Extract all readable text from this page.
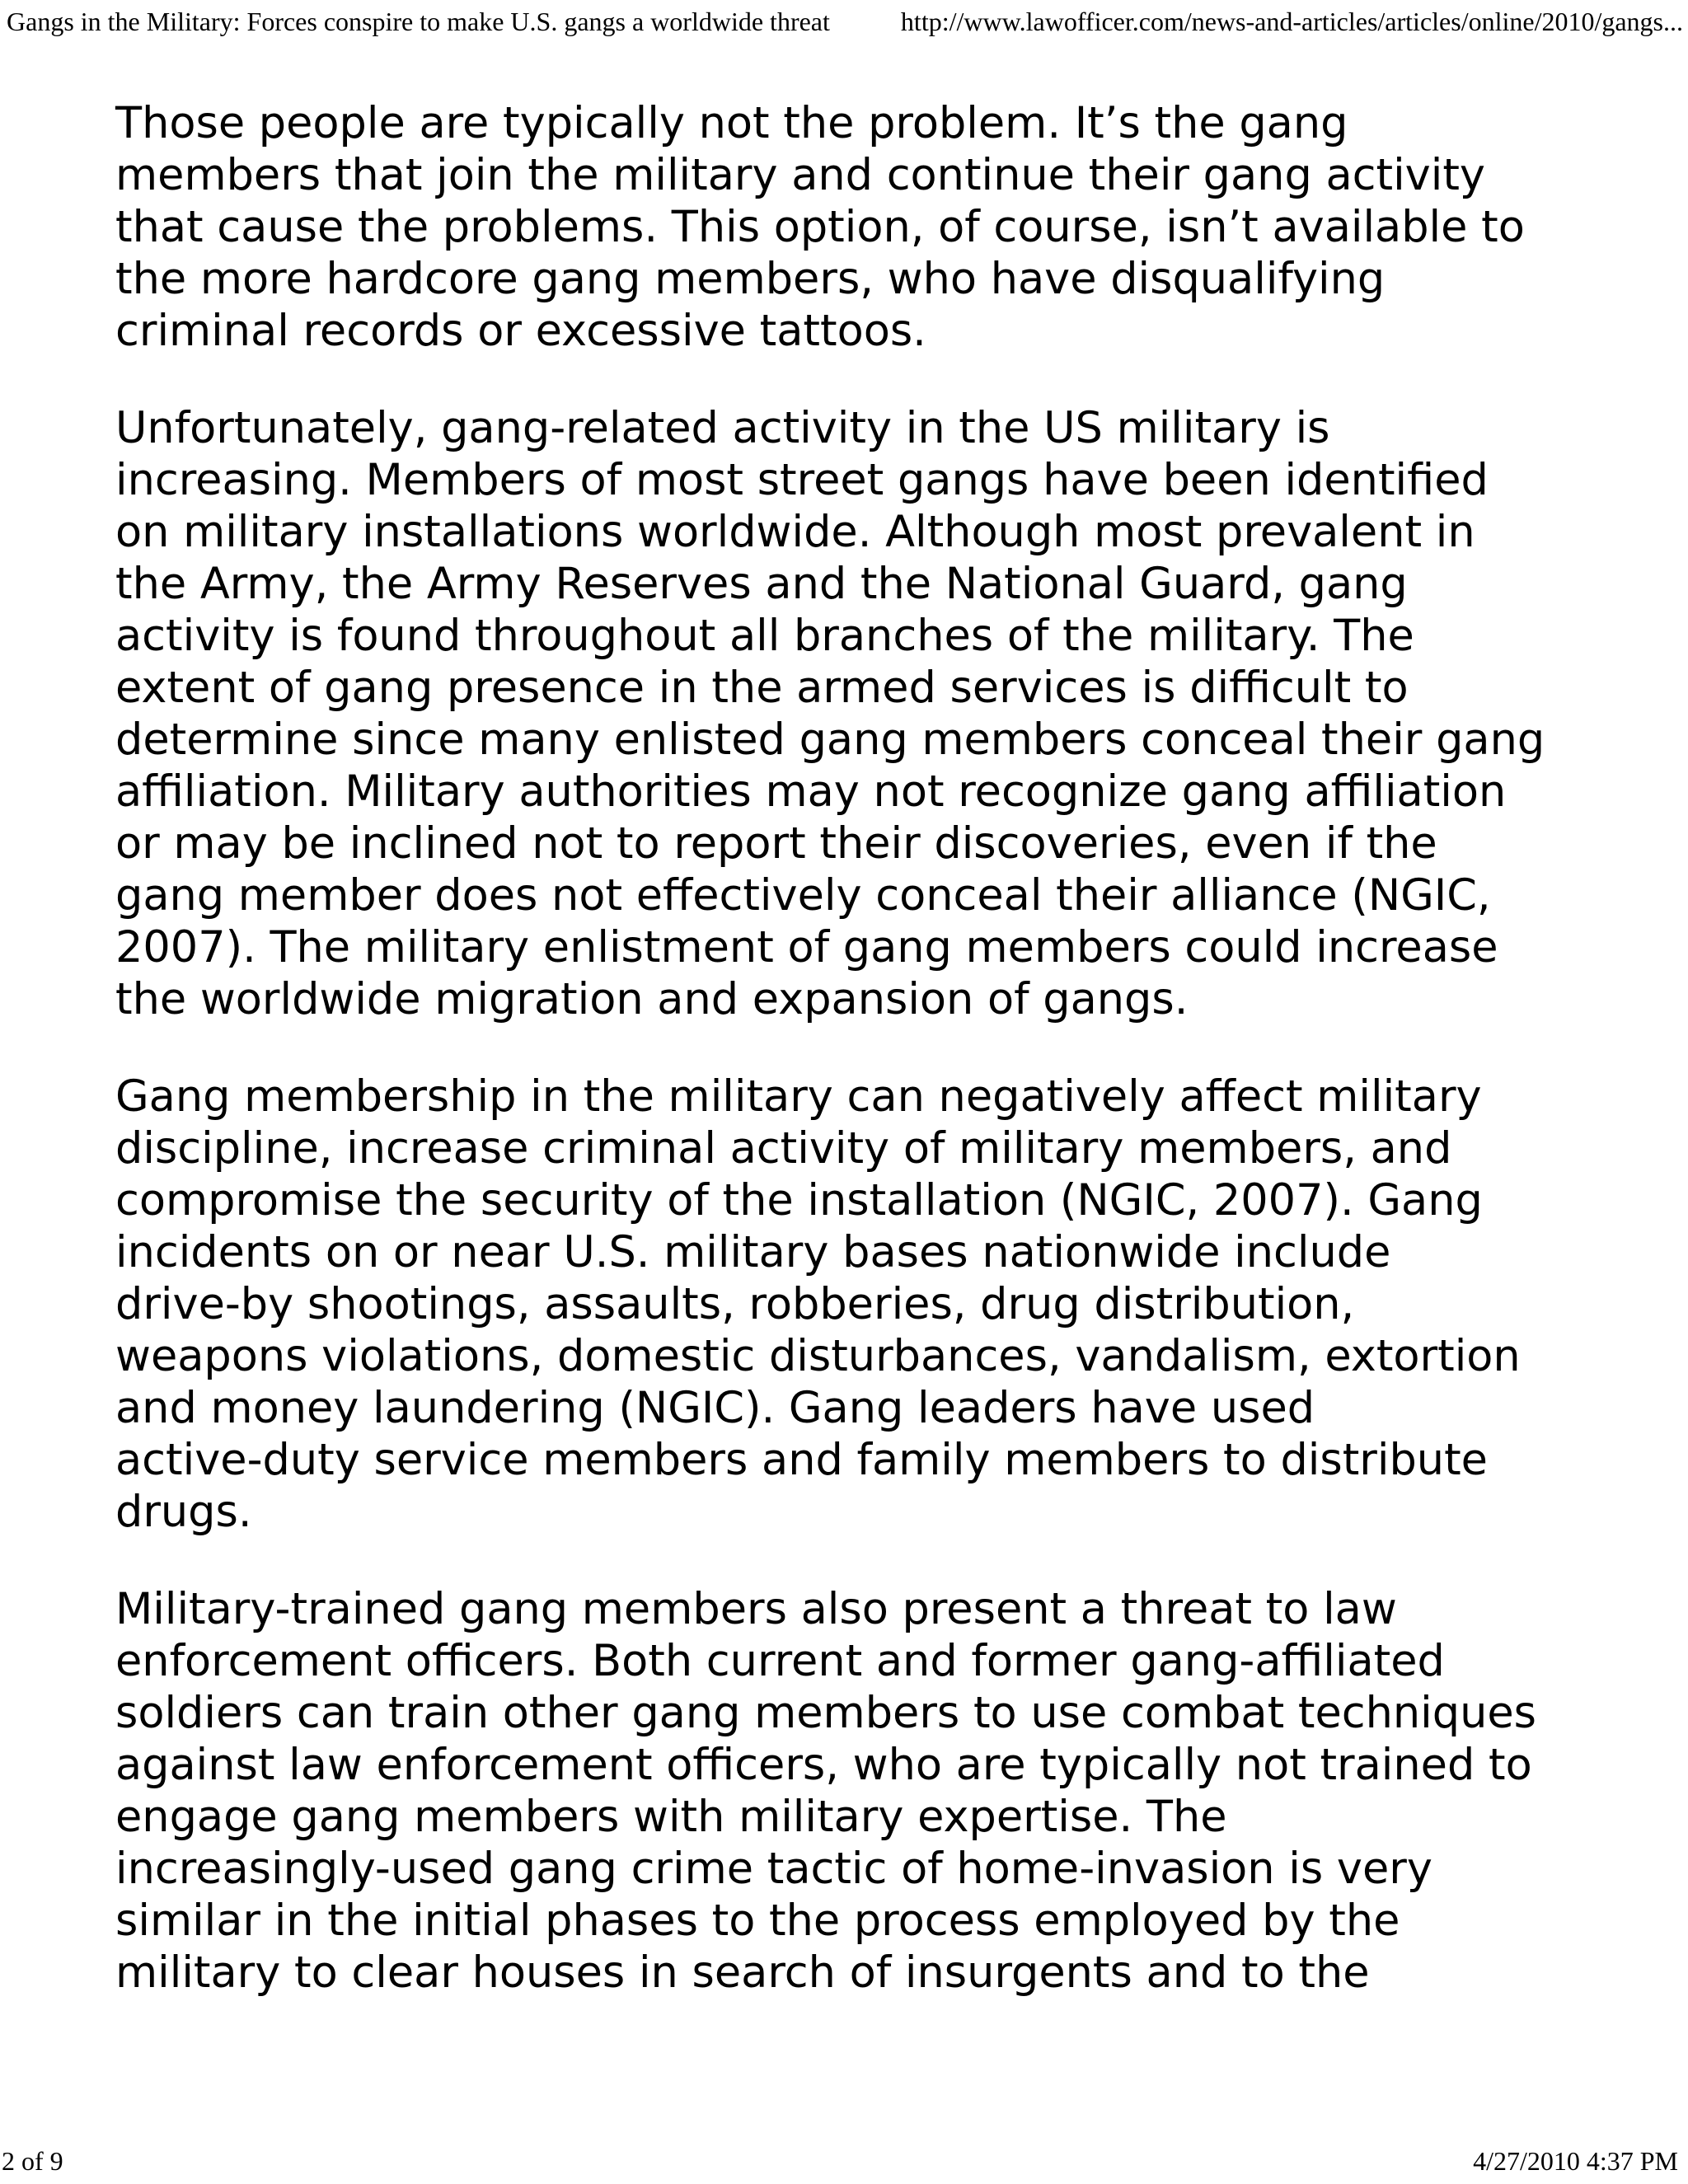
Gangs in the Military: Forces conspire to make U.S. gangs a worldwide threat	http://www.lawofficer.com/news-and-articles/articles/online/2010/gangs...

Those people are typically not the problem. It’s the gang
members that join the military and continue their gang activity
that cause the problems. This option, of course, isn’t available to
the more hardcore gang members, who have disqualifying
criminal records or excessive tattoos.

Unfortunately, gang-related activity in the US military is
increasing. Members of most street gangs have been identified
on military installations worldwide. Although most prevalent in
the Army, the Army Reserves and the National Guard, gang
activity is found throughout all branches of the military. The
extent of gang presence in the armed services is difficult to
determine since many enlisted gang members conceal their gang
affiliation. Military authorities may not recognize gang affiliation
or may be inclined not to report their discoveries, even if the
gang member does not effectively conceal their alliance (NGIC,
2007). The military enlistment of gang members could increase
the worldwide migration and expansion of gangs.

Gang membership in the military can negatively affect military
discipline, increase criminal activity of military members, and
compromise the security of the installation (NGIC, 2007). Gang
incidents on or near U.S. military bases nationwide include
drive-by shootings, assaults, robberies, drug distribution,
weapons violations, domestic disturbances, vandalism, extortion
and money laundering (NGIC). Gang leaders have used
active-duty service members and family members to distribute
drugs.

Military-trained gang members also present a threat to law
enforcement officers. Both current and former gang-affiliated
soldiers can train other gang members to use combat techniques
against law enforcement officers, who are typically not trained to
engage gang members with military expertise. The
increasingly-used gang crime tactic of home-invasion is very
similar in the initial phases to the process employed by the
military to clear houses in search of insurgents and to the

2 of 9	4/27/2010 4:37 PM
